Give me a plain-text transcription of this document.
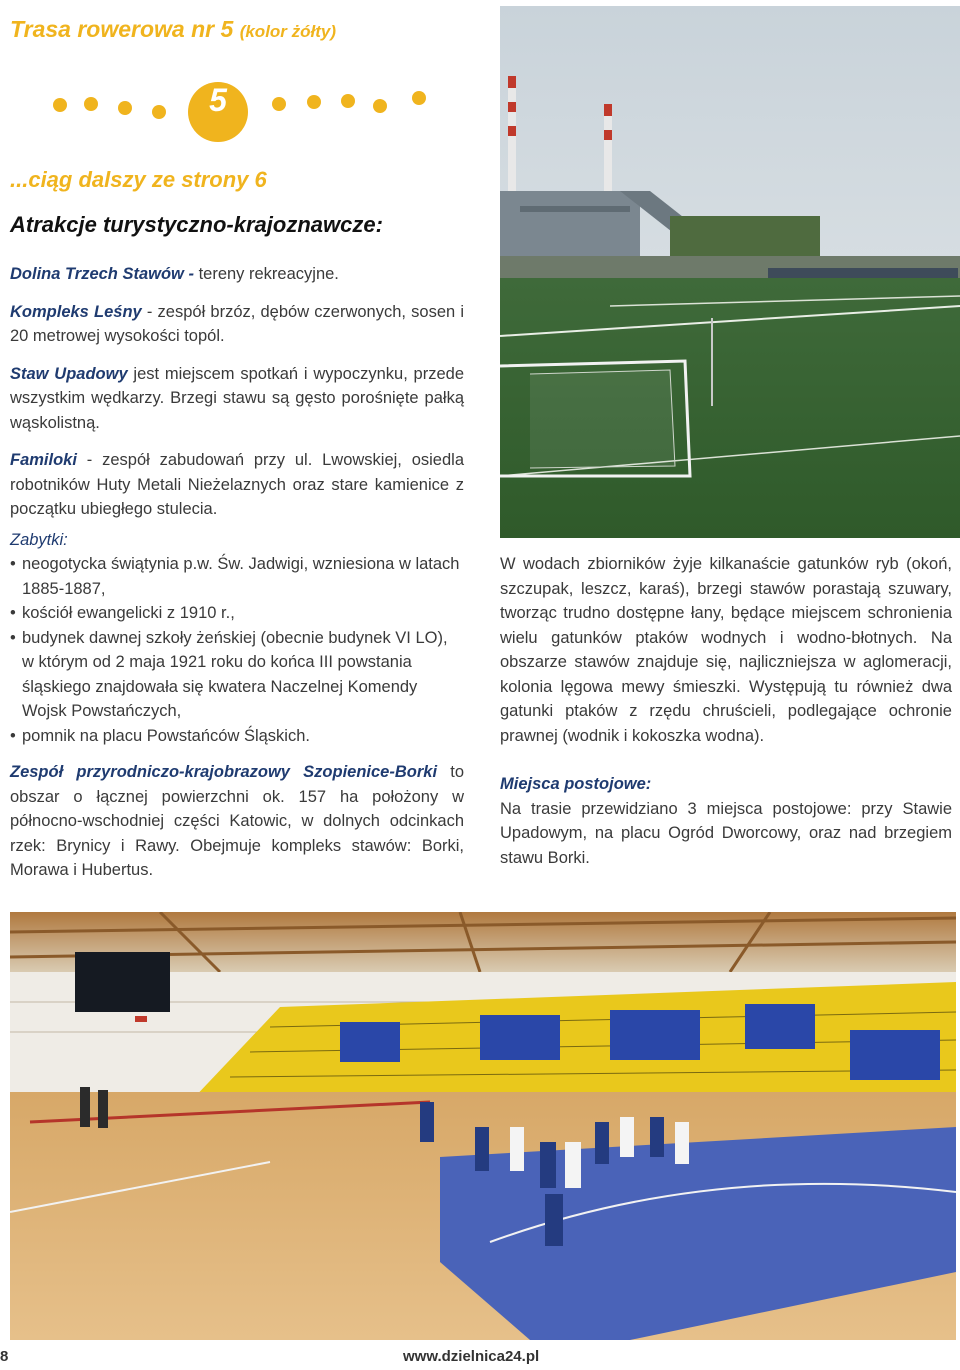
Trasa rowerowa nr 5 (kolor żółty)
5
...ciąg dalszy ze strony 6
Atrakcje turystyczno-krajoznawcze:

Dolina Trzech Stawów - tereny rekreacyjne.

Kompleks Leśny - zespół brzóz, dębów czerwonych, sosen i 20 metrowej wysokości topól.

Staw Upadowy jest miejscem spotkań i wypoczynku, przede wszystkim wędkarzy. Brzegi stawu są gęsto porośnięte pałką wąskolistną.

Familoki - zespół zabudowań przy ul. Lwowskiej, osiedla robotników Huty Metali Nieżelaznych oraz stare kamienice z początku ubiegłego stulecia.

Zabytki:
• neogotycka świątynia p.w. Św. Jadwigi, wzniesiona w latach 1885-1887,
• kościół ewangelicki z 1910 r.,
• budynek dawnej szkoły żeńskiej (obecnie budynek VI LO), w którym od 2 maja 1921 roku do końca III powstania śląskiego znajdowała się kwatera Naczelnej Komendy Wojsk Powstańczych,
• pomnik na placu Powstańców Śląskich.

Zespół przyrodniczo-krajobrazowy Szopienice-Borki to obszar o łącznej powierzchni ok. 157 ha położony w północno-wschodniej części Katowic, w dolnych odcinkach rzek: Brynicy i Rawy. Obejmuje kompleks stawów: Borki, Morawa i Hubertus.

W wodach zbiorników żyje kilkanaście gatunków ryb (okoń, szczupak, leszcz, karaś), brzegi stawów porastają szuwary, tworząc trudno dostępne łany, będące miejscem schronienia wielu gatunków ptaków wodnych i wodno-błotnych. Na obszarze stawów znajduje się, najliczniejsza w aglomeracji, kolonia lęgowa mewy śmieszki. Występują tu również dwa gatunki ptaków z rzędu chruścieli, podlegające ochronie prawnej (wodnik i kokoszka wodna).

Miejsca postojowe:

Na trasie przewidziano 3 miejsca postojowe: przy Stawie Upadowym, na placu Ogród Dworcowy, oraz nad brzegiem stawu Borki.

8	www.dzielnica24.pl
